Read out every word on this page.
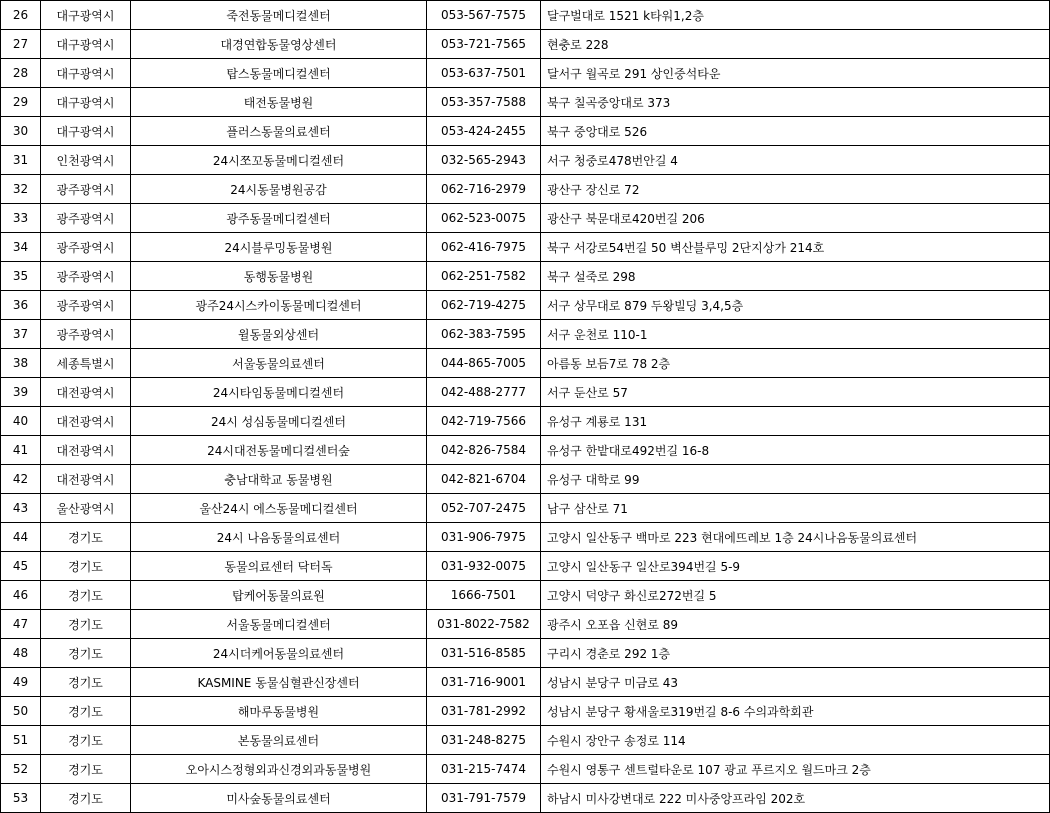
26	대구광역시	죽전동물메디컬센터	053-567-7575	달구벌대로 1521 k타워1,2층
27	대구광역시	대경연합동물영상센터	053-721-7565	현충로 228
28	대구광역시	탑스동물메디컬센터	053-637-7501	달서구 월곡로 291 상인중석타운
29	대구광역시	태전동물병원	053-357-7588	북구 칠곡중앙대로 373
30	대구광역시	플러스동물의료센터	053-424-2455	북구 중앙대로 526
31	인천광역시	24시쪼꼬동물메디컬센터	032-565-2943	서구 청중로478번안길 4
32	광주광역시	24시동물병원공감	062-716-2979	광산구 장신로 72
33	광주광역시	광주동물메디컬센터	062-523-0075	광산구 북문대로420번길 206
34	광주광역시	24시블루밍동물병원	062-416-7975	북구 서강로54번길 50 벽산블루밍 2단지상가 214호
35	광주광역시	동행동물병원	062-251-7582	북구 설죽로 298
36	광주광역시	광주24시스카이동물메디컬센터	062-719-4275	서구 상무대로 879 두왕빌딩 3,4,5층
37	광주광역시	윌동물외상센터	062-383-7595	서구 운천로 110-1
38	세종특별시	서울동물의료센터	044-865-7005	아름동 보듬7로 78 2층
39	대전광역시	24시타임동물메디컬센터	042-488-2777	서구 둔산로 57
40	대전광역시	24시 성심동물메디컬센터	042-719-7566	유성구 계룡로 131
41	대전광역시	24시대전동물메디컬센터숲	042-826-7584	유성구 한밭대로492번길 16-8
42	대전광역시	충남대학교 동물병원	042-821-6704	유성구 대학로 99
43	울산광역시	울산24시 에스동물메디컬센터	052-707-2475	남구 삼산로 71
44	경기도	24시 나음동물의료센터	031-906-7975	고양시 일산동구 백마로 223 현대에뜨레보 1층 24시나음동물의료센터
45	경기도	동물의료센터 닥터독	031-932-0075	고양시 일산동구 일산로394번길 5-9
46	경기도	탑케어동물의료원	1666-7501	고양시 덕양구 화신로272번길 5
47	경기도	서울동물메디컬센터	031-8022-7582	광주시 오포읍 신현로 89
48	경기도	24시더케어동물의료센터	031-516-8585	구리시 경춘로 292 1층
49	경기도	KASMINE 동물심혈관신장센터	031-716-9001	성남시 분당구 미금로 43
50	경기도	해마루동물병원	031-781-2992	성남시 분당구 황새울로319번길 8-6 수의과학회관
51	경기도	본동물의료센터	031-248-8275	수원시 장안구 송정로 114
52	경기도	오아시스정형외과신경외과동물병원	031-215-7474	수원시 영통구 센트럴타운로 107 광교 푸르지오 월드마크 2층
53	경기도	미사숲동물의료센터	031-791-7579	하남시 미사강변대로 222 미사중앙프라임 202호
